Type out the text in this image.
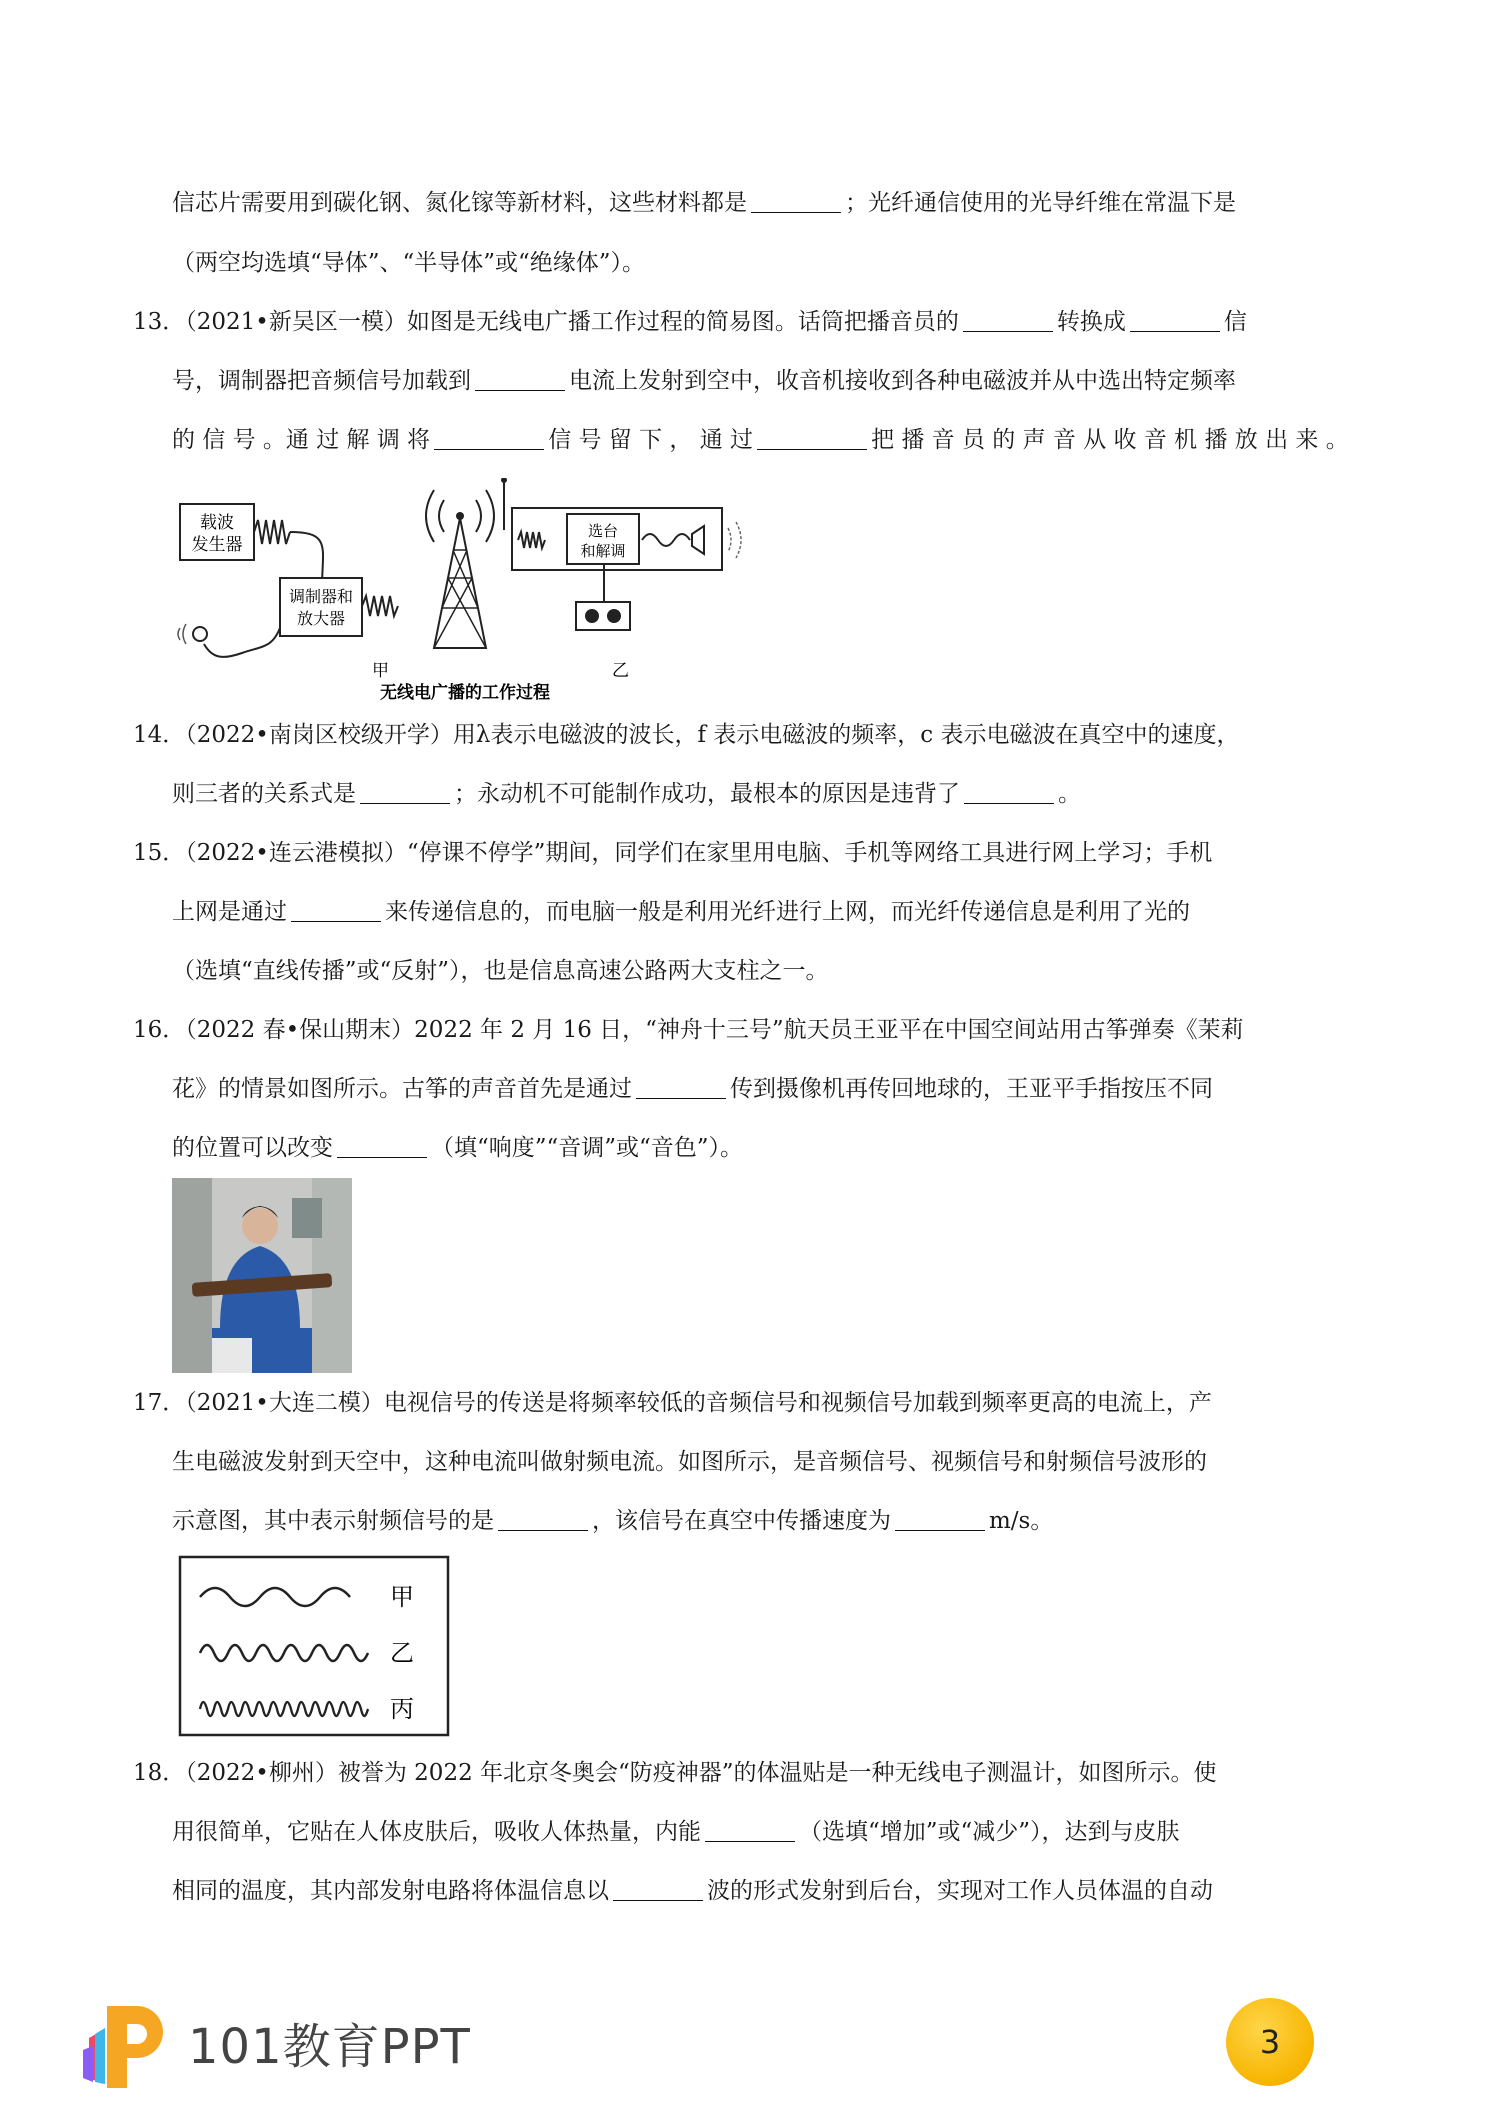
信芯片需要用到碳化钢、氮化镓等新材料，这些材料都是	；光纤通信使用的光导纤维在常温下是
（两空均选填“导体”、“半导体”或“绝缘体”）。
13．（2021•新吴区一模）如图是无线电广播工作过程的简易图。话筒把播音员的	转换成	信
号，调制器把音频信号加载到	电流上发射到空中，收音机接收到各种电磁波并从中选出特定频率
的 信 号 。通 过 解 调 将	信 号 留 下 ， 通 过	把 播 音 员 的 声 音 从 收 音 机 播 放 出 来 。
载波
发生器
调制器和
放大器
甲
选台
和解调
乙
无线电广播的工作过程
14．（2022•南岗区校级开学）用λ表示电磁波的波长，f 表示电磁波的频率，c 表示电磁波在真空中的速度，
则三者的关系式是	；永动机不可能制作成功，最根本的原因是违背了	。
15．（2022•连云港模拟）“停课不停学”期间，同学们在家里用电脑、手机等网络工具进行网上学习；手机
上网是通过	来传递信息的，而电脑一般是利用光纤进行上网，而光纤传递信息是利用了光的
（选填“直线传播”或“反射”），也是信息高速公路两大支柱之一。
16．（2022 春•保山期末）2022 年 2 月 16 日，“神舟十三号”航天员王亚平在中国空间站用古筝弹奏《茉莉
花》的情景如图所示。古筝的声音首先是通过	传到摄像机再传回地球的，王亚平手指按压不同
的位置可以改变	（填“响度”“音调”或“音色”）。
17．（2021•大连二模）电视信号的传送是将频率较低的音频信号和视频信号加载到频率更高的电流上，产
生电磁波发射到天空中，这种电流叫做射频电流。如图所示，是音频信号、视频信号和射频信号波形的
示意图，其中表示射频信号的是	，该信号在真空中传播速度为	m/s。
甲
乙
丙
18．（2022•柳州）被誉为 2022 年北京冬奥会“防疫神器”的体温贴是一种无线电子测温计，如图所示。使
用很简单，它贴在人体皮肤后，吸收人体热量，内能	（选填“增加”或“减少”），达到与皮肤
相同的温度，其内部发射电路将体温信息以	波的形式发射到后台，实现对工作人员体温的自动
101教育PPT	3
